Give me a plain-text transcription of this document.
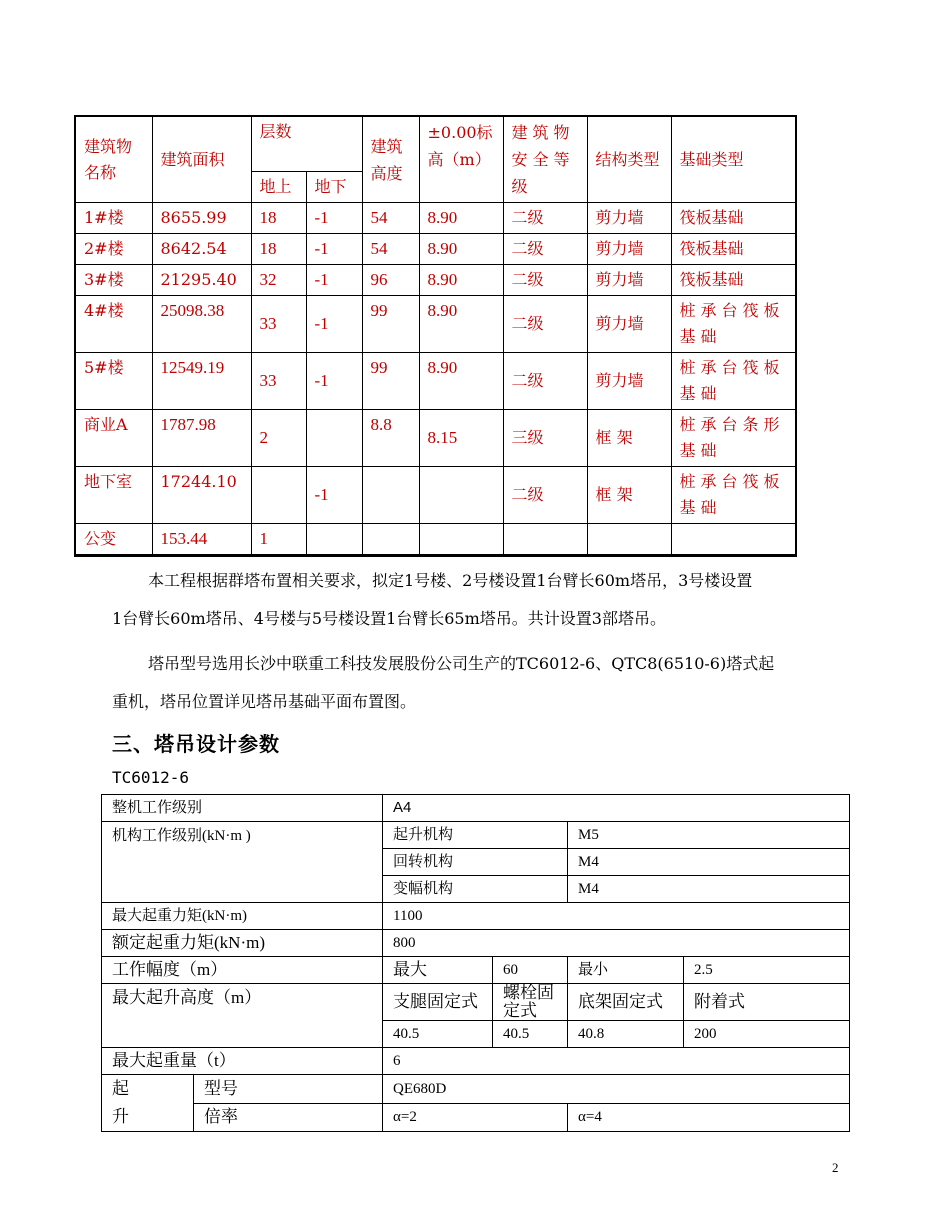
建筑物名称	建筑面积	层数		建筑高度	±0.00标高（m）	建筑物安全等级	结构类型	基础类型
		地上	地下					
1#楼	8655.99	18	-1	54	8.90	二级	剪力墙	筏板基础
2#楼	8642.54	18	-1	54	8.90	二级	剪力墙	筏板基础
3#楼	21295.40	32	-1	96	8.90	二级	剪力墙	筏板基础
4#楼	25098.38	33	-1	99	8.90	二级	剪力墙	桩承台筏板基础
5#楼	12549.19	33	-1	99	8.90	二级	剪力墙	桩承台筏板基础
商业A	1787.98	2		8.8	8.15	三级	框 架	桩承台条形基础
地下室	17244.10		-1			二级	框 架	桩承台筏板基础
公变	153.44	1						
本工程根据群塔布置相关要求，拟定1号楼、2号楼设置1台臂长60m塔吊，3号楼设置
1台臂长60m塔吊、4号楼与5号楼设置1台臂长65m塔吊。共计设置3部塔吊。
塔吊型号选用长沙中联重工科技发展股份公司生产的TC6012-6、QTC8(6510-6)塔式起
重机，塔吊位置详见塔吊基础平面布置图。
三、塔吊设计参数
TC6012-6
整机工作级别		A4			
机构工作级别(kN·m )		起升机构		M5	
		回转机构		M4	
		变幅机构		M4	
最大起重力矩(kN·m)		1100			
额定起重力矩(kN·m)		800			
工作幅度（m）		最大	60	最小	2.5
最大起升高度（m）		支腿固定式	螺栓固定式	底架固定式	附着式
		40.5	40.5	40.8	200
最大起重量（t）		6			

起升	型号	QE680D			
	倍率	α=2		α=4	
2
